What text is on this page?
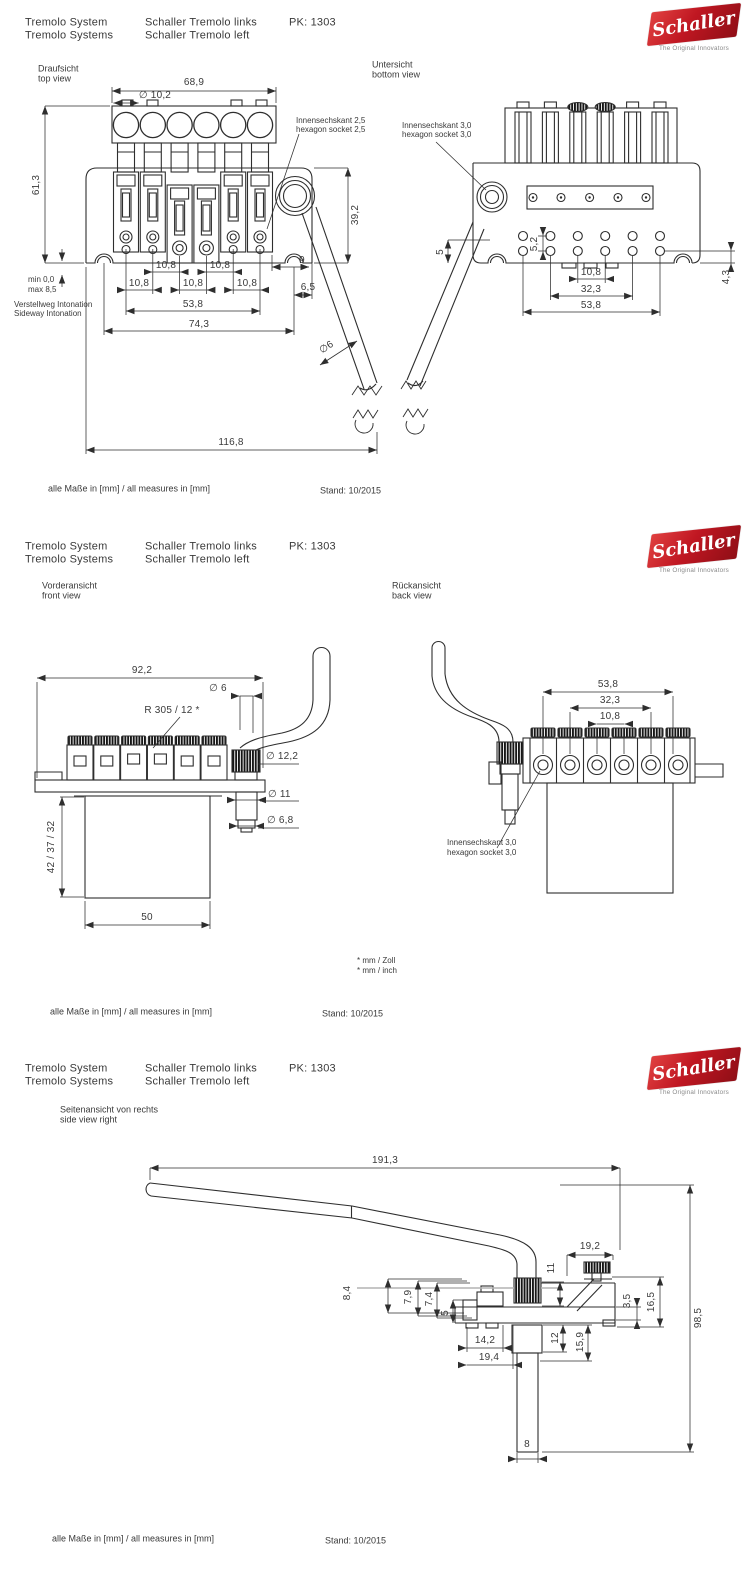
Tremolo System
Tremolo Systems
Schaller Tremolo links
Schaller Tremolo left
PK: 1303	Schaller
The Original Innovators
Draufsicht
top view
Untersicht
bottom view
68,9
∅ 10,2
61,3
39,2
min 0,0
max 8,5
Verstellweg Intonation
Sideway Intonation
10,8	10,8
10,8	10,8	10,8
9
6,5
53,8
74,3
∅6
116,8
Innensechskant 2,5
hexagon socket 2,5	Innensechskant 3,0
hexagon socket 3,0
5
5,2
4,3
10,8
32,3
53,8
alle Maße in [mm] / all measures in [mm]	Stand: 10/2015
Tremolo System
Tremolo Systems
Schaller Tremolo links
Schaller Tremolo left
PK: 1303	Schaller
The Original Innovators
Vorderansicht
front view
Rückansicht
back view
92,2
∅ 6
R 305 / 12 *
∅ 12,2
∅ 11
∅ 6,8
42 / 37 / 32
50
53,8
32,3
10,8
Innensechskant 3,0
hexagon socket 3,0
* mm / Zoll
* mm / inch
alle Maße in [mm] / all measures in [mm]	Stand: 10/2015
Tremolo System
Tremolo Systems
Schaller Tremolo links
Schaller Tremolo left
PK: 1303	Schaller
The Original Innovators
Seitenansicht von rechts
side view right
191,3
19,2
11
8,4	7,9 7,4
5
14,2
19,4
12 15,9
3,5 16,5
98,5
8
alle Maße in [mm] / all measures in [mm]	Stand: 10/2015
